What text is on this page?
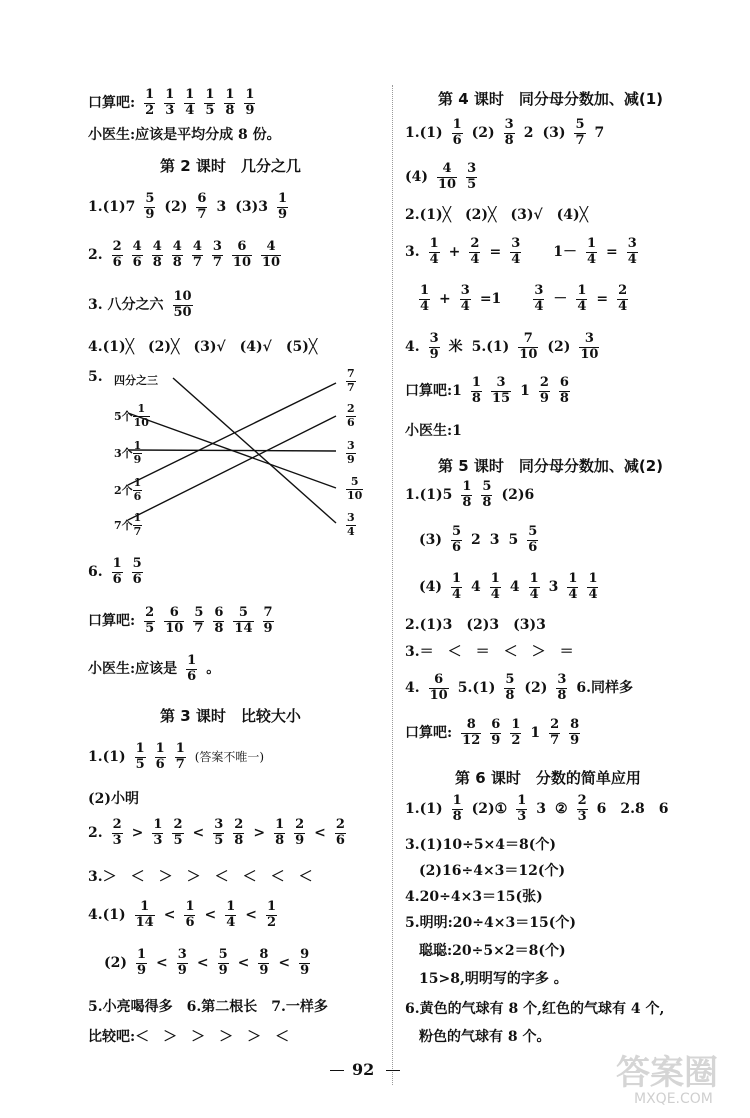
口算吧: $\frac{1}{2} \frac{1}{3} \frac{1}{4} \frac{1}{5} \frac{1}{8} \frac{1}{9}$
小医生:应该是平均分成 8 份。
第 2 课时　几分之几
$1.(1)7 \frac{5}{9} (2) \frac{6}{7} 3$ $(3)3 \frac{1}{9}$
2. $\frac{2}{6} \frac{4}{6} \frac{4}{8} \frac{4}{8} \frac{4}{7} \frac{3}{7} \frac{6}{10} \frac{4}{10}$
3. 八分之六 $\frac{10}{50}$
4.(1)╳　(2)╳　(3)√　(4)√　(5)╳
5. 四分之三
5个 $\frac{1}{10}$
3个 $\frac{1}{9}$
2个 $\frac{1}{6}$
7个 $\frac{1}{7}$
$\frac{7}{7}$
$\frac{2}{6}$
$\frac{3}{9}$
$\frac{5}{10}$
$\frac{3}{4}$
6. $\frac{1}{6} \frac{5}{6}$
口算吧: $\frac{2}{5} \frac{6}{10} \frac{5}{7} \frac{6}{8} \frac{5}{14} \frac{7}{9}$
小医生:应该是 $\frac{1}{6}$ 。
第 3 课时　比较大小
$1.(1) \frac{1}{5} \frac{1}{6} \frac{1}{7}$ (答案不唯一)
(2)小明
2. $\frac{2}{3} > \frac{1}{3} \frac{2}{5} < \frac{3}{5} \frac{2}{8} > \frac{1}{8} \frac{2}{9} < \frac{2}{6}$
3.＞　＜　＞　＞　＜　＜　＜　＜
$4.(1) \frac{1}{14} < \frac{1}{6} < \frac{1}{4} < \frac{1}{2}$
$(2) \frac{1}{9} < \frac{3}{9} < \frac{5}{9} < \frac{8}{9} < \frac{9}{9}$
5.小亮喝得多　6.第二根长　7.一样多
比较吧:＜　＞　＞　＞　＞　＜
第 4 课时　同分母分数加、减(1)
$1.(1) \frac{1}{6} (2) \frac{3}{8} 2$ $(3) \frac{5}{7} 7$
$(4) \frac{4}{10} \frac{3}{5}$
2.(1)╳　(2)╳　(3)√　(4)╳
3. $\frac{1}{4} + \frac{2}{4} = \frac{3}{4}$
　 $1- \frac{1}{4} = \frac{3}{4}$
$\frac{1}{4} + \frac{3}{4} =1$
　 $\frac{3}{4} - \frac{1}{4} = \frac{2}{4}$
4. $\frac{3}{9}$ 米 $5.(1) \frac{7}{10} (2) \frac{3}{10}$
口算吧:1 $\frac{1}{8} \frac{3}{15} 1 \frac{2}{9} \frac{6}{8}$
小医生:1
第 5 课时　同分母分数加、减(2)
$1.(1)5 \frac{1}{8} \frac{5}{8} (2)6$
$(3) \frac{5}{6} 2$ 3 $5 \frac{5}{6}$
$(4) \frac{1}{4} 4 \frac{1}{4} 4 \frac{1}{4} 3 \frac{1}{4} \frac{1}{4}$
2.(1)3　(2)3　(3)3
3.＝　＜　＝　＜　＞　＝
4. $\frac{6}{10} 5.(1) \frac{5}{8} (2) \frac{3}{8} 6$.同样多
口算吧: $\frac{8}{12} \frac{6}{9} \frac{1}{2} 1 \frac{2}{7} \frac{8}{9}$
第 6 课时　分数的简单应用
$1.(1) \frac{1}{8}$ (2)① $\frac{1}{3} 3$ ② $\frac{2}{3} 6$　2.8　6
3.(1)10÷5×4＝8(个)
(2)16÷4×3＝12(个)
4.20÷4×3＝15(张)
5.明明:20÷4×3＝15(个)
聪聪:20÷5×2＝8(个)
15>8,明明写的字多 。
6.黄色的气球有 8 个,红色的气球有 4 个,
粉色的气球有 8 个。
92	答案圈
MXQE.COM
